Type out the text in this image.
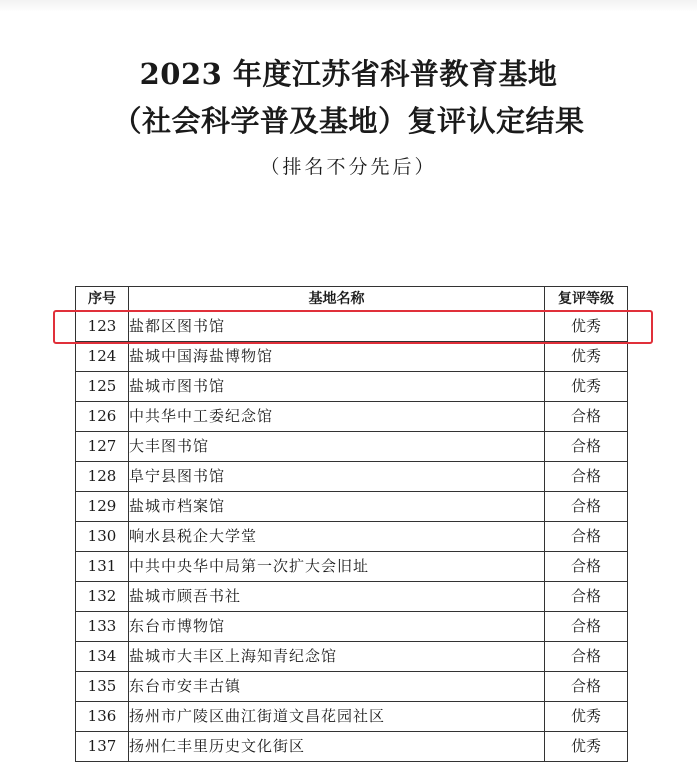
2023 年度江苏省科普教育基地
（社会科学普及基地）复评认定结果
（排名不分先后）
序号	基地名称	复评等级
123	盐都区图书馆	优秀
124	盐城中国海盐博物馆	优秀
125	盐城市图书馆	优秀
126	中共华中工委纪念馆	合格
127	大丰图书馆	合格
128	阜宁县图书馆	合格
129	盐城市档案馆	合格
130	响水县税企大学堂	合格
131	中共中央华中局第一次扩大会旧址	合格
132	盐城市顾吾书社	合格
133	东台市博物馆	合格
134	盐城市大丰区上海知青纪念馆	合格
135	东台市安丰古镇	合格
136	扬州市广陵区曲江街道文昌花园社区	优秀
137	扬州仁丰里历史文化街区	优秀
